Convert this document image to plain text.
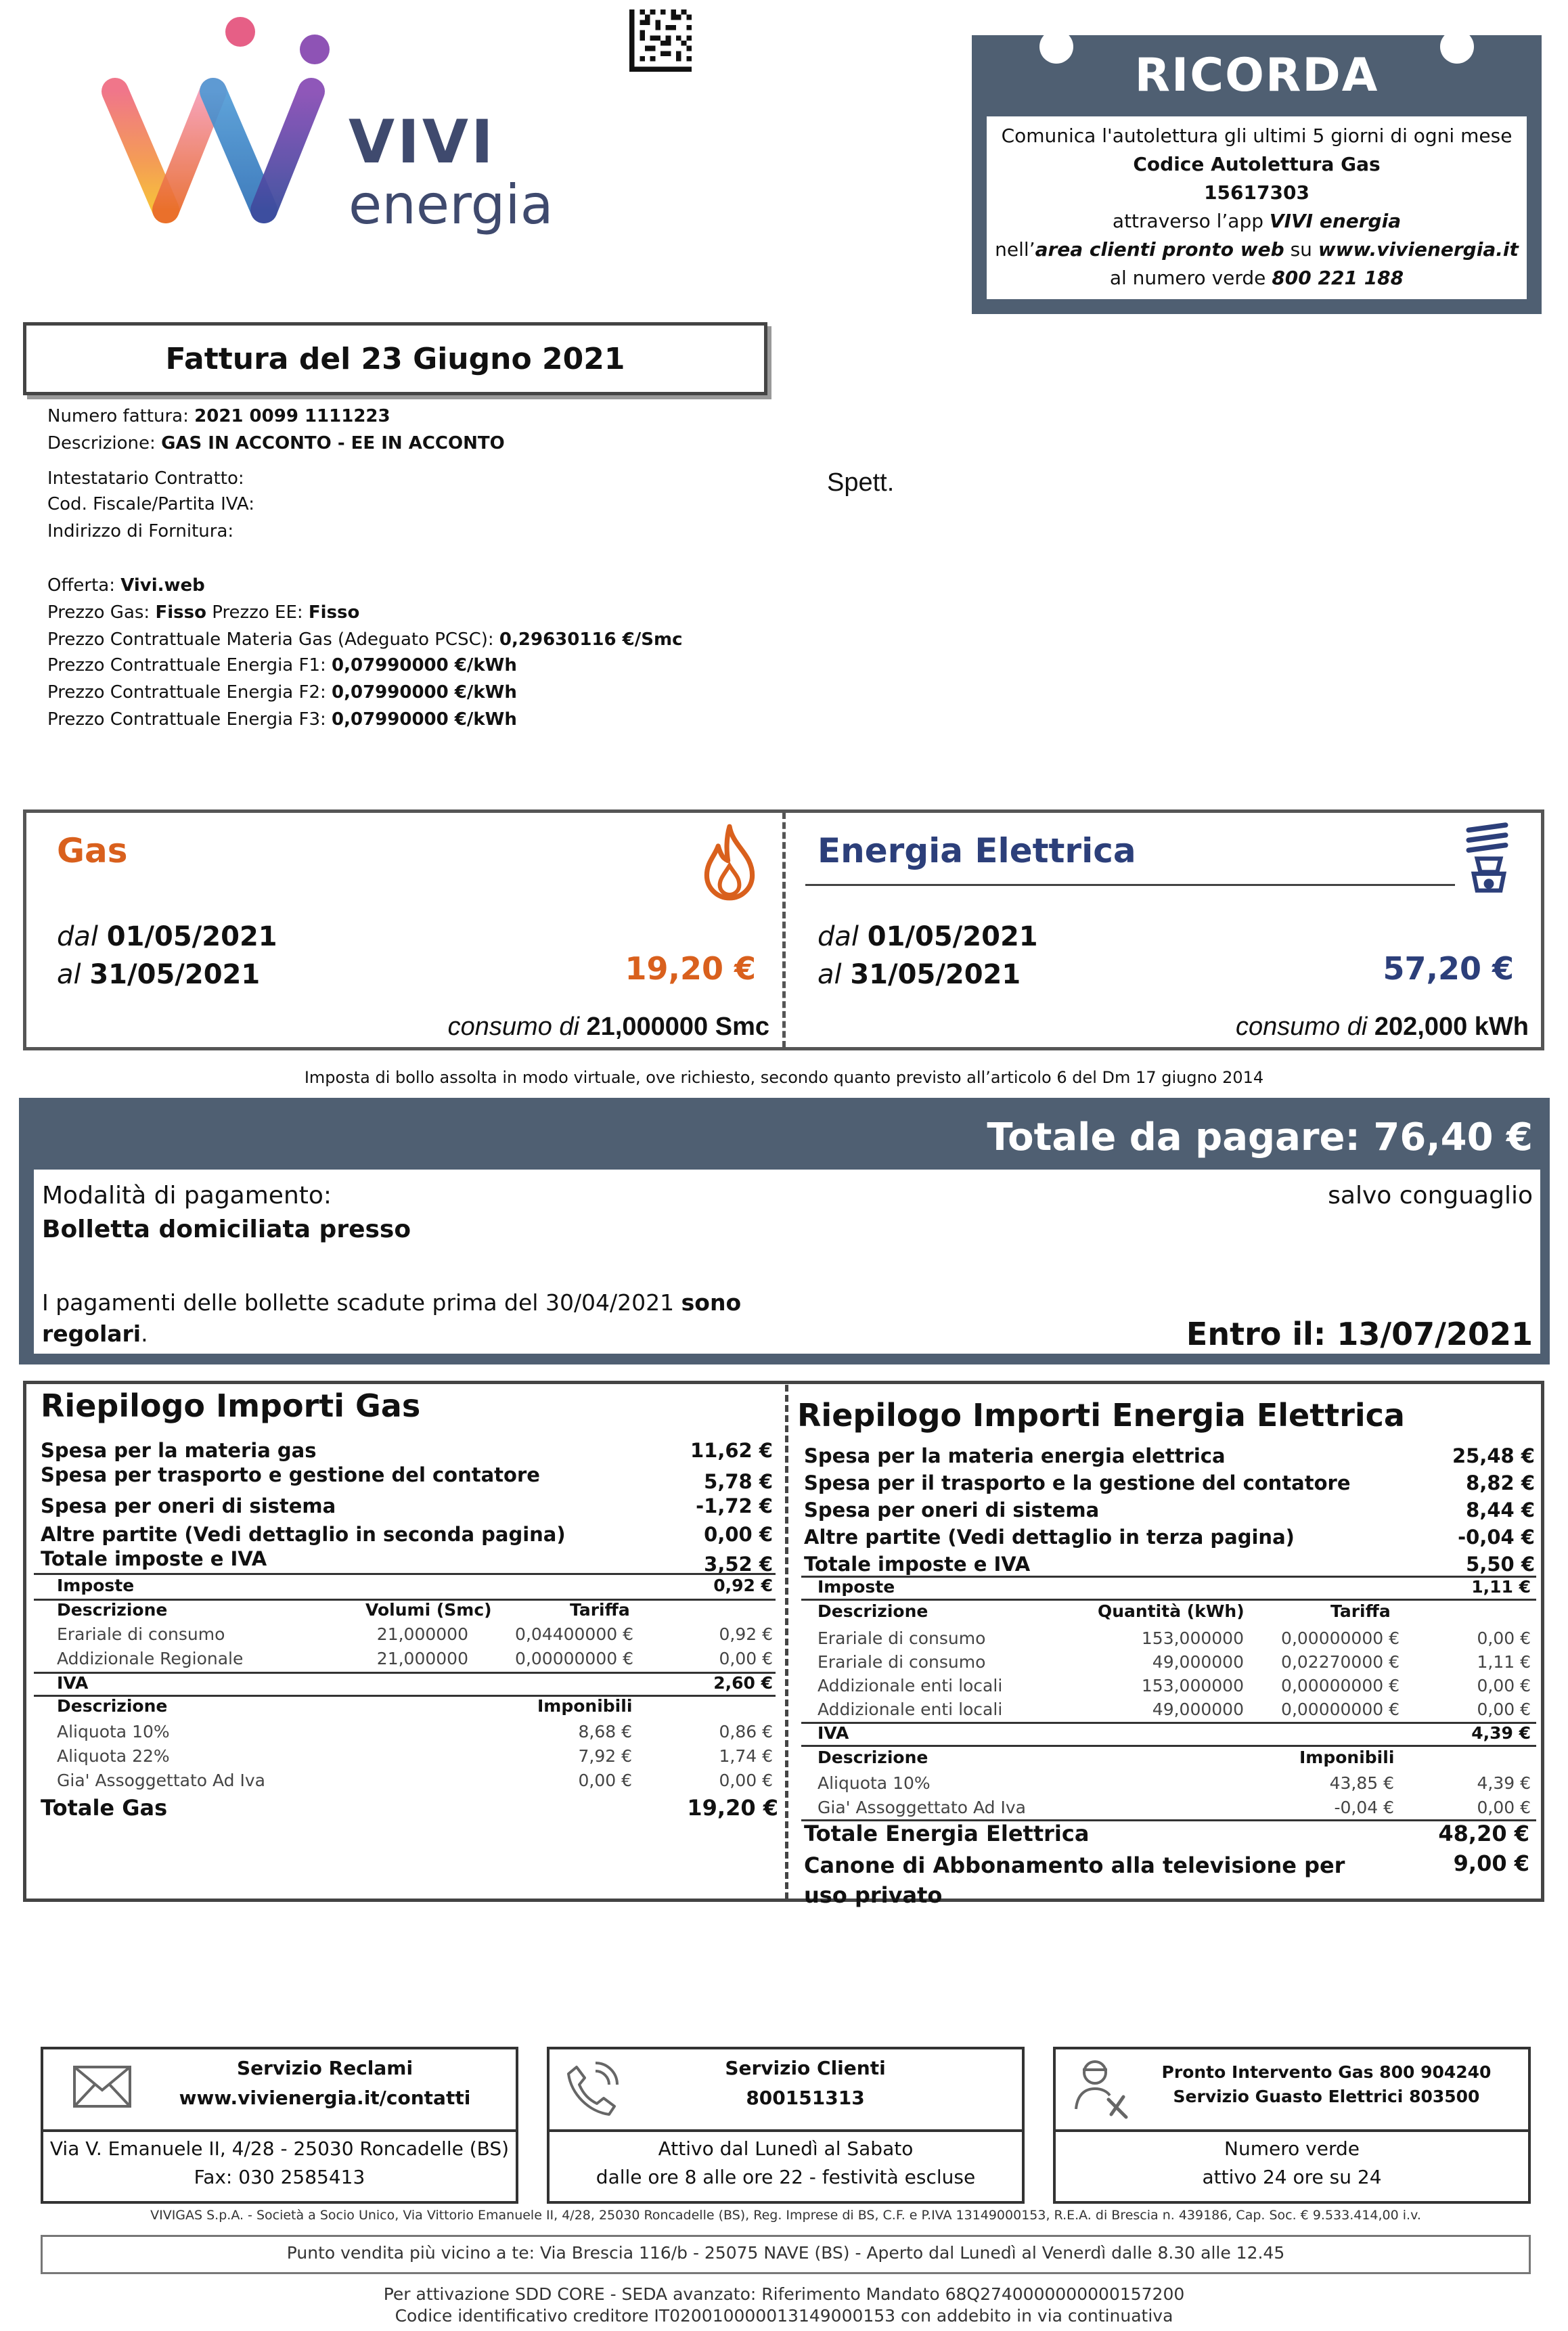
VIVI
energia
RICORDA
Comunica l'autolettura gli ultimi 5 giorni di ogni mese
Codice Autolettura Gas
15617303
attraverso l’app VIVI energia
nell’area clienti pronto web su www.vivienergia.it
al numero verde 800 221 188
Fattura del 23 Giugno 2021
Numero fattura: 2021 0099 1111223
Descrizione: GAS IN ACCONTO - EE IN ACCONTO
Intestatario Contratto:
Cod. Fiscale/Partita IVA:
Indirizzo di Fornitura:
Spett.
Offerta: Vivi.web
Prezzo Gas: Fisso Prezzo EE: Fisso
Prezzo Contrattuale Materia Gas (Adeguato PCSC): 0,29630116 €/Smc
Prezzo Contrattuale Energia F1: 0,07990000 €/kWh
Prezzo Contrattuale Energia F2: 0,07990000 €/kWh
Prezzo Contrattuale Energia F3: 0,07990000 €/kWh
Gas
dal 01/05/2021
al 31/05/2021	19,20 €
consumo di 21,000000 Smc
Energia Elettrica
dal 01/05/2021
al 31/05/2021	57,20 €
consumo di 202,000 kWh
Imposta di bollo assolta in modo virtuale, ove richiesto, secondo quanto previsto all’articolo 6 del Dm 17 giugno 2014
Totale da pagare: 76,40 €
Modalità di pagamento:
Bolletta domiciliata presso
salvo conguaglio
I pagamenti delle bollette scadute prima del 30/04/2021 sono
regolari.	Entro il: 13/07/2021
Riepilogo Importi Gas
Spesa per la materia gas	11,62 €
Spesa per trasporto e gestione del contatore	5,78 €
Spesa per oneri di sistema	-1,72 €
Altre partite (Vedi dettaglio in seconda pagina)	0,00 €
Totale imposte e IVA	3,52 €
Imposte	0,92 €
Descrizione	Volumi (Smc)	Tariffa
Erariale di consumo	21,000000	0,04400000 €	0,92 €
Addizionale Regionale	21,000000	0,00000000 €	0,00 €
IVA	2,60 €
Descrizione	Imponibili
Aliquota 10%	8,68 €	0,86 €
Aliquota 22%	7,92 €	1,74 €
Gia' Assoggettato Ad Iva	0,00 €	0,00 €
Totale Gas	19,20 €
Riepilogo Importi Energia Elettrica
Spesa per la materia energia elettrica	25,48 €
Spesa per il trasporto e la gestione del contatore	8,82 €
Spesa per oneri di sistema	8,44 €
Altre partite (Vedi dettaglio in terza pagina)	-0,04 €
Totale imposte e IVA	5,50 €
Imposte	1,11 €
Descrizione	Quantità (kWh)	Tariffa
Erariale di consumo	153,000000 0,00000000 €	0,00 €
Erariale di consumo	49,000000 0,02270000 €	1,11 €
Addizionale enti locali	153,000000 0,00000000 €	0,00 €
Addizionale enti locali	49,000000 0,00000000 €	0,00 €
IVA	4,39 €
Descrizione	Imponibili
Aliquota 10%	43,85 €	4,39 €
Gia' Assoggettato Ad Iva	-0,04 €	0,00 €
Totale Energia Elettrica	48,20 €
Canone di Abbonamento alla televisione per
uso privato
9,00 €
Servizio Reclami
www.vivienergia.it/contatti
Via V. Emanuele II, 4/28 - 25030 Roncadelle (BS)
Fax: 030 2585413
Servizio Clienti
800151313
Attivo dal Lunedì al Sabato
dalle ore 8 alle ore 22 - festività escluse
Pronto Intervento Gas 800 904240
Servizio Guasto Elettrici 803500
Numero verde
attivo 24 ore su 24
VIVIGAS S.p.A. - Società a Socio Unico, Via Vittorio Emanuele II, 4/28, 25030 Roncadelle (BS), Reg. Imprese di BS, C.F. e P.IVA 13149000153, R.E.A. di Brescia n. 439186, Cap. Soc. € 9.533.414,00 i.v.
Punto vendita più vicino a te: Via Brescia 116/b - 25075 NAVE (BS) - Aperto dal Lunedì al Venerdì dalle 8.30 alle 12.45
Per attivazione SDD CORE - SEDA avanzato: Riferimento Mandato 68Q2740000000000157200
Codice identificativo creditore IT020010000013149000153 con addebito in via continuativa
